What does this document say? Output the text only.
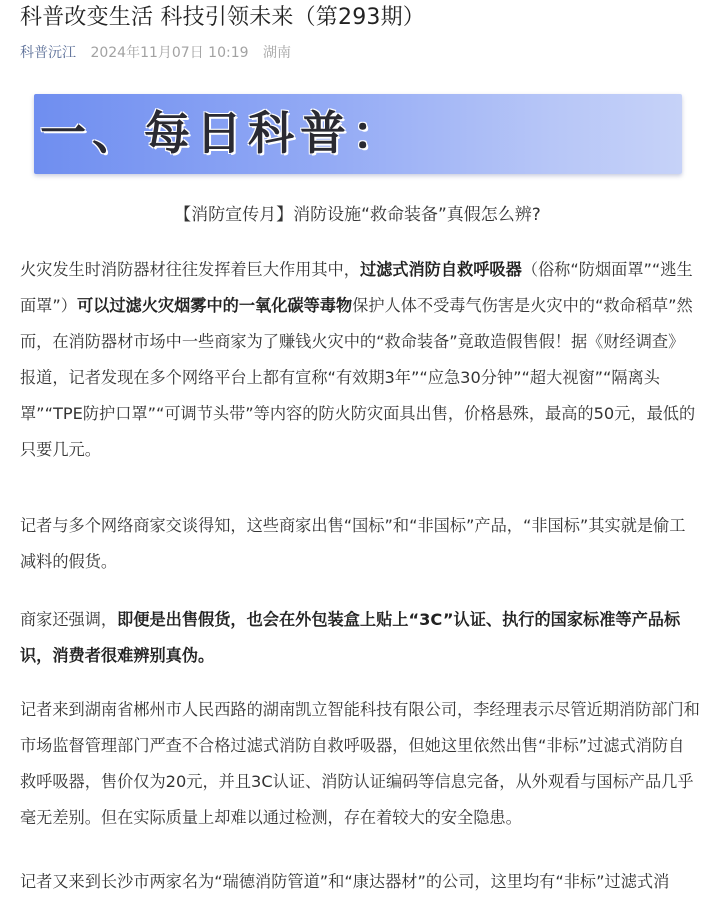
科普改变生活 科技引领未来（第293期）
科普沅江 2024年11月07日 10:19 湖南
一、每日科普：
【消防宣传月】消防设施“救命装备”真假怎么辨?

火灾发生时消防器材往往发挥着巨大作用其中，过滤式消防自救呼吸器（俗称“防烟面罩”“逃生面罩”）可以过滤火灾烟雾中的一氧化碳等毒物保护人体不受毒气伤害是火灾中的“救命稻草”然而，在消防器材市场中一些商家为了赚钱火灾中的“救命装备”竟敢造假售假！据《财经调查》报道，记者发现在多个网络平台上都有宣称“有效期3年”“应急30分钟”“超大视窗”“隔离头罩”“TPE防护口罩”“可调节头带”等内容的防火防灾面具出售，价格悬殊，最高的50元，最低的只要几元。

记者与多个网络商家交谈得知，这些商家出售“国标”和“非国标”产品，“非国标”其实就是偷工减料的假货。

商家还强调，即便是出售假货，也会在外包装盒上贴上“3C”认证、执行的国家标准等产品标识，消费者很难辨别真伪。

记者来到湖南省郴州市人民西路的湖南凯立智能科技有限公司，李经理表示尽管近期消防部门和市场监督管理部门严查不合格过滤式消防自救呼吸器，但她这里依然出售“非标”过滤式消防自救呼吸器，售价仅为20元，并且3C认证、消防认证编码等信息完备，从外观看与国标产品几乎毫无差别。但在实际质量上却难以通过检测，存在着较大的安全隐患。

记者又来到长沙市两家名为“瑞德消防管道”和“康达器材”的公司，这里均有“非标”过滤式消
